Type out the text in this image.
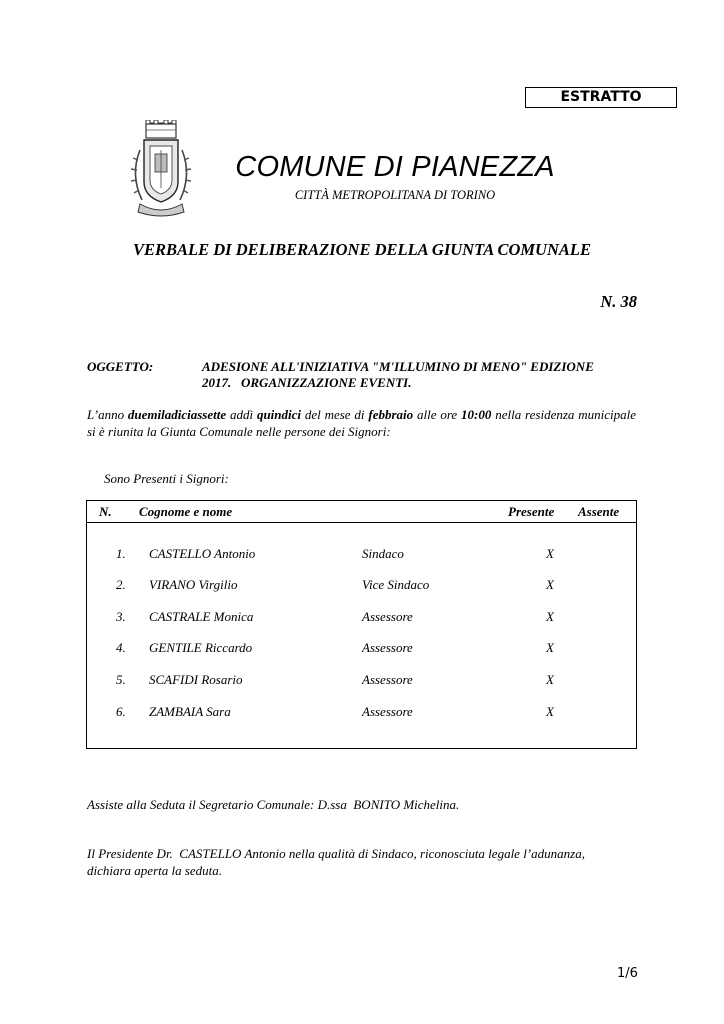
ESTRATTO
COMUNE DI PIANEZZA
CITTÀ METROPOLITANA DI TORINO
VERBALE DI DELIBERAZIONE DELLA GIUNTA COMUNALE
N. 38
OGGETTO:	ADESIONE ALL'INIZIATIVA "M'ILLUMINO DI MENO" EDIZIONE
2017.   ORGANIZZAZIONE EVENTI.
L’anno duemiladiciassette addì quindici del mese di febbraio alle ore 10:00 nella residenza municipale si è riunita la Giunta Comunale nelle persone dei Signori:
Sono Presenti i Signori:
N. Cognome e nome	Presente Assente
1. CASTELLO Antonio	Sindaco	X
2. VIRANO Virgilio	Vice Sindaco	X
3. CASTRALE Monica	Assessore	X
4. GENTILE Riccardo	Assessore	X
5. SCAFIDI Rosario	Assessore	X
6. ZAMBAIA Sara	Assessore	X
Assiste alla Seduta il Segretario Comunale: D.ssa  BONITO Michelina.
Il Presidente Dr.  CASTELLO Antonio nella qualità di Sindaco, riconosciuta legale l’adunanza, dichiara aperta la seduta.
1/6
